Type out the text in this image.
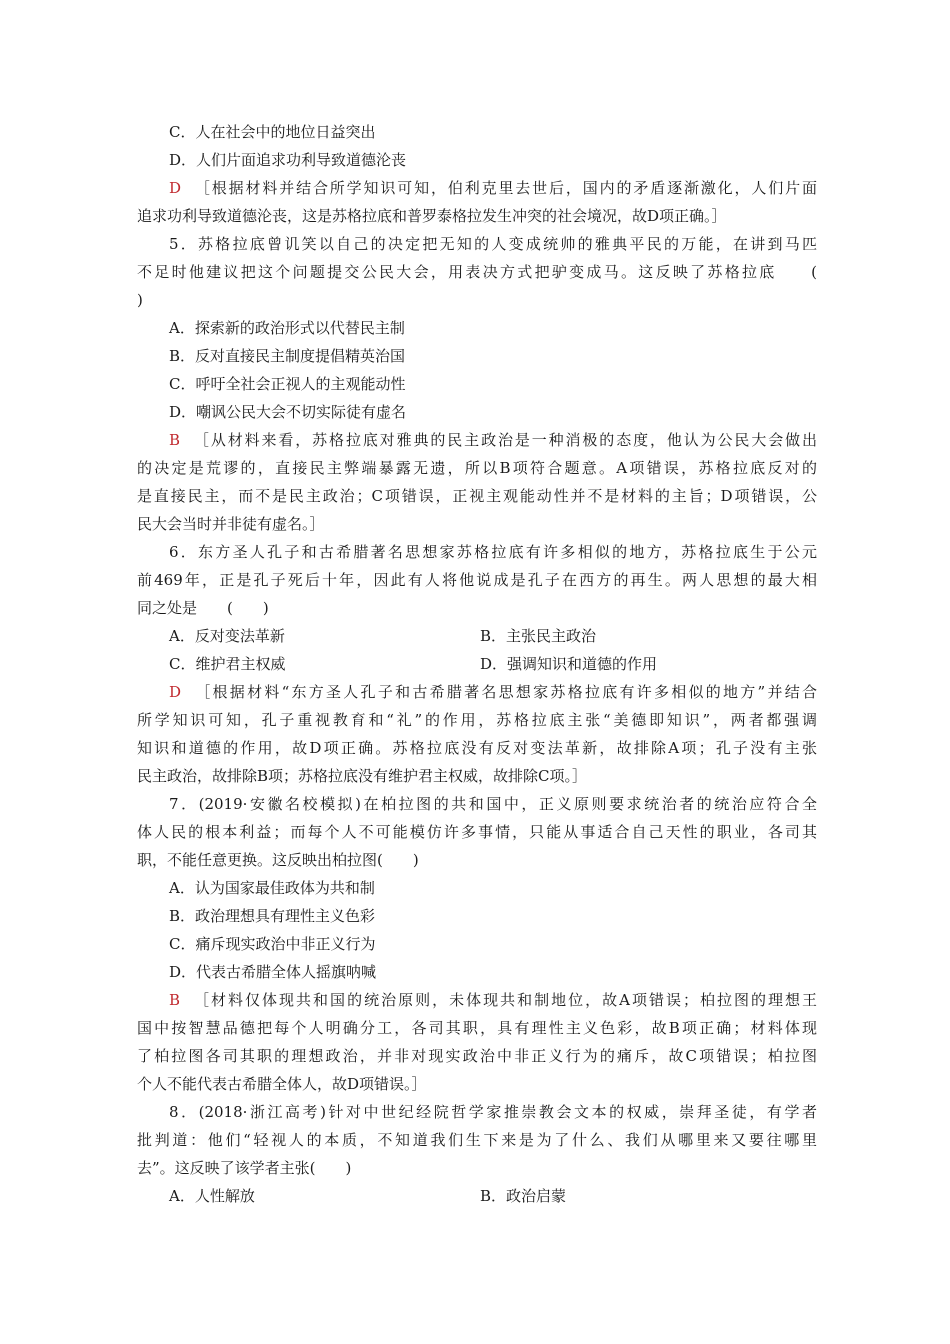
C．人在社会中的地位日益突出
D．人们片面追求功利导致道德沦丧
D ［根据材料并结合所学知识可知，伯利克里去世后，国内的矛盾逐渐激化，人们片面
追求功利导致道德沦丧，这是苏格拉底和普罗泰格拉发生冲突的社会境况，故D项正确。］
5．苏格拉底曾讥笑以自己的决定把无知的人变成统帅的雅典平民的万能，在讲到马匹
不足时他建议把这个问题提交公民大会，用表决方式把驴变成马。这反映了苏格拉底　　(
)
A．探索新的政治形式以代替民主制
B．反对直接民主制度提倡精英治国
C．呼吁全社会正视人的主观能动性
D．嘲讽公民大会不切实际徒有虚名
B ［从材料来看，苏格拉底对雅典的民主政治是一种消极的态度，他认为公民大会做出
的决定是荒谬的，直接民主弊端暴露无遗，所以B项符合题意。A项错误，苏格拉底反对的
是直接民主，而不是民主政治；C项错误，正视主观能动性并不是材料的主旨；D项错误，公
民大会当时并非徒有虚名。］
6．东方圣人孔子和古希腊著名思想家苏格拉底有许多相似的地方，苏格拉底生于公元
前469年，正是孔子死后十年，因此有人将他说成是孔子在西方的再生。两人思想的最大相
同之处是　　(　　)
A．反对变法革新	B．主张民主政治
C．维护君主权威	D．强调知识和道德的作用
D ［根据材料“东方圣人孔子和古希腊著名思想家苏格拉底有许多相似的地方”并结合
所学知识可知，孔子重视教育和“礼”的作用，苏格拉底主张“美德即知识”，两者都强调
知识和道德的作用，故D项正确。苏格拉底没有反对变法革新，故排除A项；孔子没有主张
民主政治，故排除B项；苏格拉底没有维护君主权威，故排除C项。］
7．(2019·安徽名校模拟)在柏拉图的共和国中，正义原则要求统治者的统治应符合全
体人民的根本利益；而每个人不可能模仿许多事情，只能从事适合自己天性的职业，各司其
职，不能任意更换。这反映出柏拉图(　　)
A．认为国家最佳政体为共和制
B．政治理想具有理性主义色彩
C．痛斥现实政治中非正义行为
D．代表古希腊全体人摇旗呐喊
B ［材料仅体现共和国的统治原则，未体现共和制地位，故A项错误；柏拉图的理想王
国中按智慧品德把每个人明确分工，各司其职，具有理性主义色彩，故B项正确；材料体现
了柏拉图各司其职的理想政治，并非对现实政治中非正义行为的痛斥，故C项错误；柏拉图
个人不能代表古希腊全体人，故D项错误。］
8．(2018·浙江高考)针对中世纪经院哲学家推崇教会文本的权威，崇拜圣徒，有学者
批判道：他们“轻视人的本质，不知道我们生下来是为了什么、我们从哪里来又要往哪里
去”。这反映了该学者主张(　　)
A．人性解放	B．政治启蒙
